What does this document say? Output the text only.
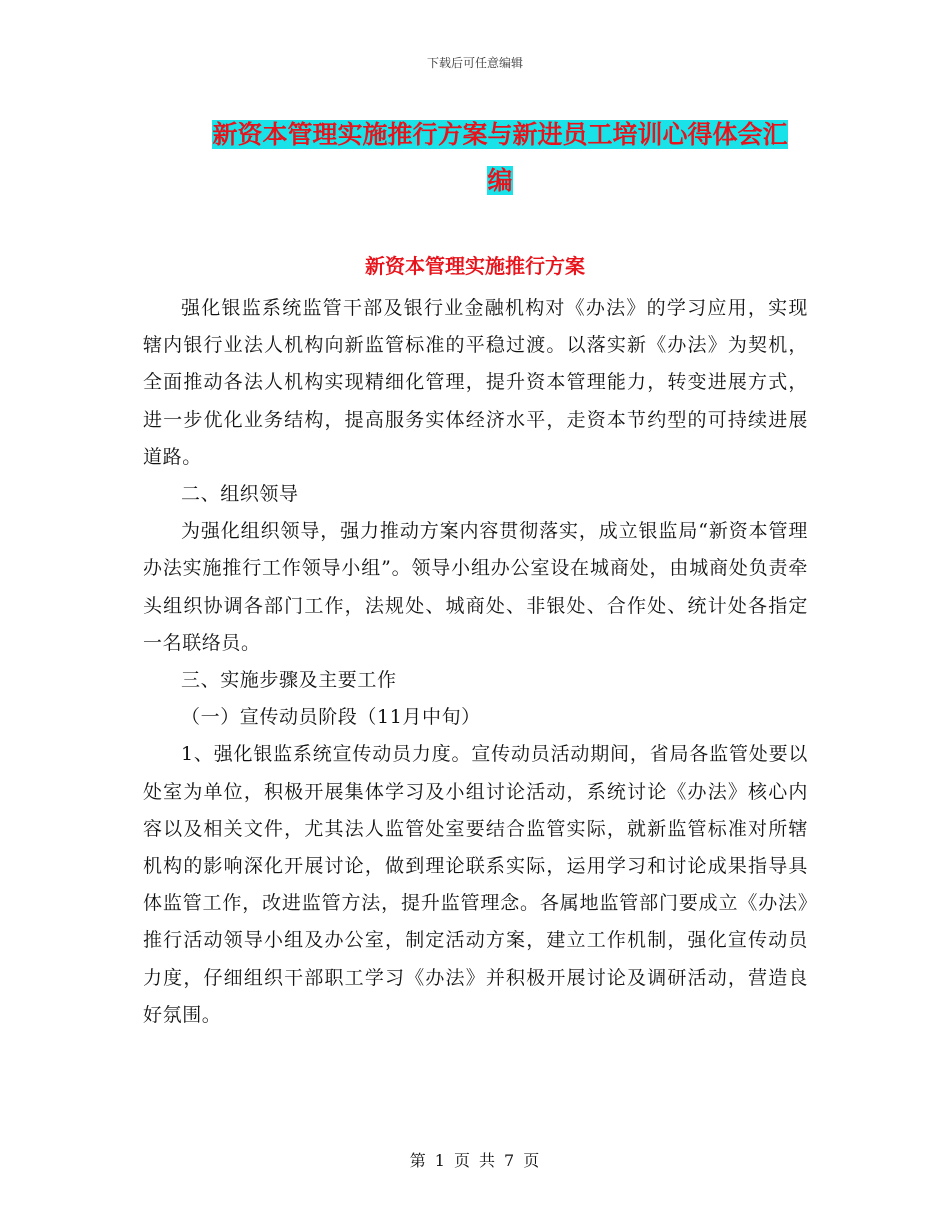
下载后可任意编辑
新资本管理实施推行方案与新进员工培训心得体会汇
编
新资本管理实施推行方案

强化银监系统监管干部及银行业金融机构对《办法》的学习应用，实现辖内银行业法人机构向新监管标准的平稳过渡。以落实新《办法》为契机，全面推动各法人机构实现精细化管理，提升资本管理能力，转变进展方式，进一步优化业务结构，提高服务实体经济水平，走资本节约型的可持续进展道路。

二、组织领导

为强化组织领导，强力推动方案内容贯彻落实，成立银监局“新资本管理办法实施推行工作领导小组”。领导小组办公室设在城商处，由城商处负责牵头组织协调各部门工作，法规处、城商处、非银处、合作处、统计处各指定一名联络员。

三、实施步骤及主要工作

（一）宣传动员阶段（11月中旬）

1、强化银监系统宣传动员力度。宣传动员活动期间，省局各监管处要以处室为单位，积极开展集体学习及小组讨论活动，系统讨论《办法》核心内容以及相关文件，尤其法人监管处室要结合监管实际，就新监管标准对所辖机构的影响深化开展讨论，做到理论联系实际，运用学习和讨论成果指导具体监管工作，改进监管方法，提升监管理念。各属地监管部门要成立《办法》推行活动领导小组及办公室，制定活动方案，建立工作机制，强化宣传动员力度，仔细组织干部职工学习《办法》并积极开展讨论及调研活动，营造良好氛围。

第 1 页 共 7 页
